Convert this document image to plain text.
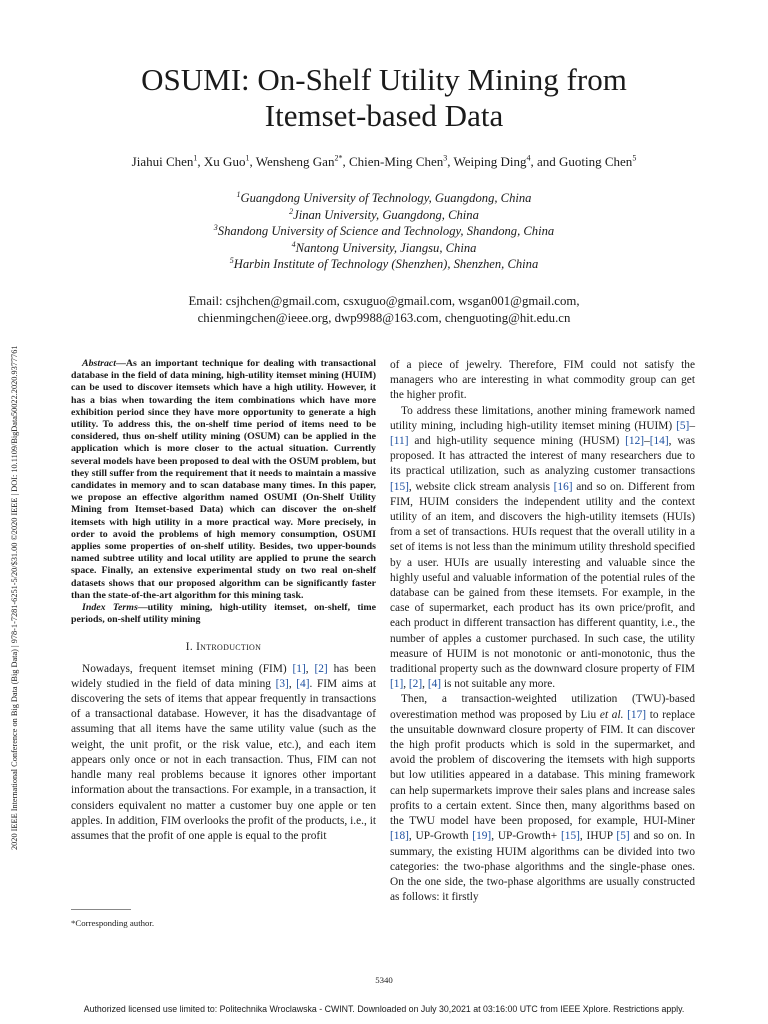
OSUMI: On-Shelf Utility Mining from
Itemset-based Data
Jiahui Chen$^1$, Xu Guo$^1$, Wensheng Gan$^{2*}$, Chien-Ming Chen$^3$, Weiping Ding$^4$, and Guoting Chen$^5$
$^1$Guangdong University of Technology, Guangdong, China
$^2$Jinan University, Guangdong, China
$^3$Shandong University of Science and Technology, Shandong, China
$^4$Nantong University, Jiangsu, China
$^5$Harbin Institute of Technology (Shenzhen), Shenzhen, China
Email: csjhchen@gmail.com, csxuguo@gmail.com, wsgan001@gmail.com,
chienmingchen@ieee.org, dwp9988@163.com, chenguoting@hit.edu.cn
2020 IEEE International Conference on Big Data (Big Data) | 978-1-7281-6251-5/20/$31.00 ©2020 IEEE | DOI: 10.1109/BigData50022.2020.9377761	Abstract—As an important technique for dealing with transactional database in the field of data mining, high-utility itemset mining (HUIM) can be used to discover itemsets which have a high utility. However, it has a bias when towarding the item combinations which have more exhibition period since they have more opportunity to generate a high utility. To address this, the on-shelf time period of items need to be considered, thus on-shelf utility mining (OSUM) can be applied in the application which is more closer to the actual situation. Currently several models have been proposed to deal with the OSUM problem, but they still suffer from the requirement that it needs to maintain a massive candidates in memory and to scan database many times. In this paper, we propose an effective algorithm named OSUMI (On-Shelf Utility Mining from Itemset-based Data) which can discover the on-shelf itemsets with high utility in a more practical way. More precisely, in order to avoid the problems of high memory consumption, OSUMI applies some properties of on-shelf utility. Besides, two upper-bounds named subtree utility and local utility are applied to prune the search space. Finally, an extensive experimental study on two real on-shelf datasets shows that our proposed algorithm can be significantly faster than the state-of-the-art algorithm for this mining task.

Index Terms—utility mining, high-utility itemset, on-shelf, time periods, on-shelf utility mining

I. Introduction

Nowadays, frequent itemset mining (FIM) [1], [2] has been widely studied in the field of data mining [3], [4]. FIM aims at discovering the sets of items that appear frequently in transactions of a transactional database. However, it has the disadvantage of assuming that all items have the same utility value (such as the weight, the unit profit, or the risk value, etc.), and each item appears only once or not in each transaction. Thus, FIM can not handle many real problems because it ignores other important information about the transactions. For example, in a transaction, it considers equivalent no matter a customer buy one apple or ten apples. In addition, FIM overlooks the profit of the products, i.e., it assumes that the profit of one apple is equal to the profit

of a piece of jewelry. Therefore, FIM could not satisfy the managers who are interesting in what commodity group can get the higher profit.

To address these limitations, another mining framework named utility mining, including high-utility itemset mining (HUIM) [5]–[11] and high-utility sequence mining (HUSM) [12]–[14], was proposed. It has attracted the interest of many researchers due to its practical utilization, such as analyzing customer transactions [15], website click stream analysis [16] and so on. Different from FIM, HUIM considers the independent utility and the context utility of an item, and discovers the high-utility itemsets (HUIs) from a set of transactions. HUIs request that the overall utility in a set of items is not less than the minimum utility threshold specified by a user. HUIs are usually interesting and valuable since the highly useful and valuable information of the potential rules of the database can be gained from these itemsets. For example, in the case of supermarket, each product has its own price/profit, and each product in different transaction has different quantity, i.e., the number of apples a customer purchased. In such case, the utility measure of HUIM is not monotonic or anti-monotonic, thus the traditional property such as the downward closure property of FIM [1], [2], [4] is not suitable any more.

Then, a transaction-weighted utilization (TWU)-based overestimation method was proposed by Liu et al. [17] to replace the unsuitable downward closure property of FIM. It can discover the high profit products which is sold in the supermarket, and avoid the problem of discovering the itemsets with high supports but low utilities appeared in a database. This mining framework can help supermarkets improve their sales plans and increase sales profits to a certain extent. Since then, many algorithms based on the TWU model have been proposed, for example, HUI-Miner [18], UP-Growth [19], UP-Growth+ [15], IHUP [5] and so on. In summary, the existing HUIM algorithms can be divided into two categories: the two-phase algorithms and the single-phase ones. On the one side, the two-phase algorithms are usually constructed as follows: it firstly

*Corresponding author.
5340
Authorized licensed use limited to: Politechnika Wroclawska - CWINT. Downloaded on July 30,2021 at 03:16:00 UTC from IEEE Xplore. Restrictions apply.
